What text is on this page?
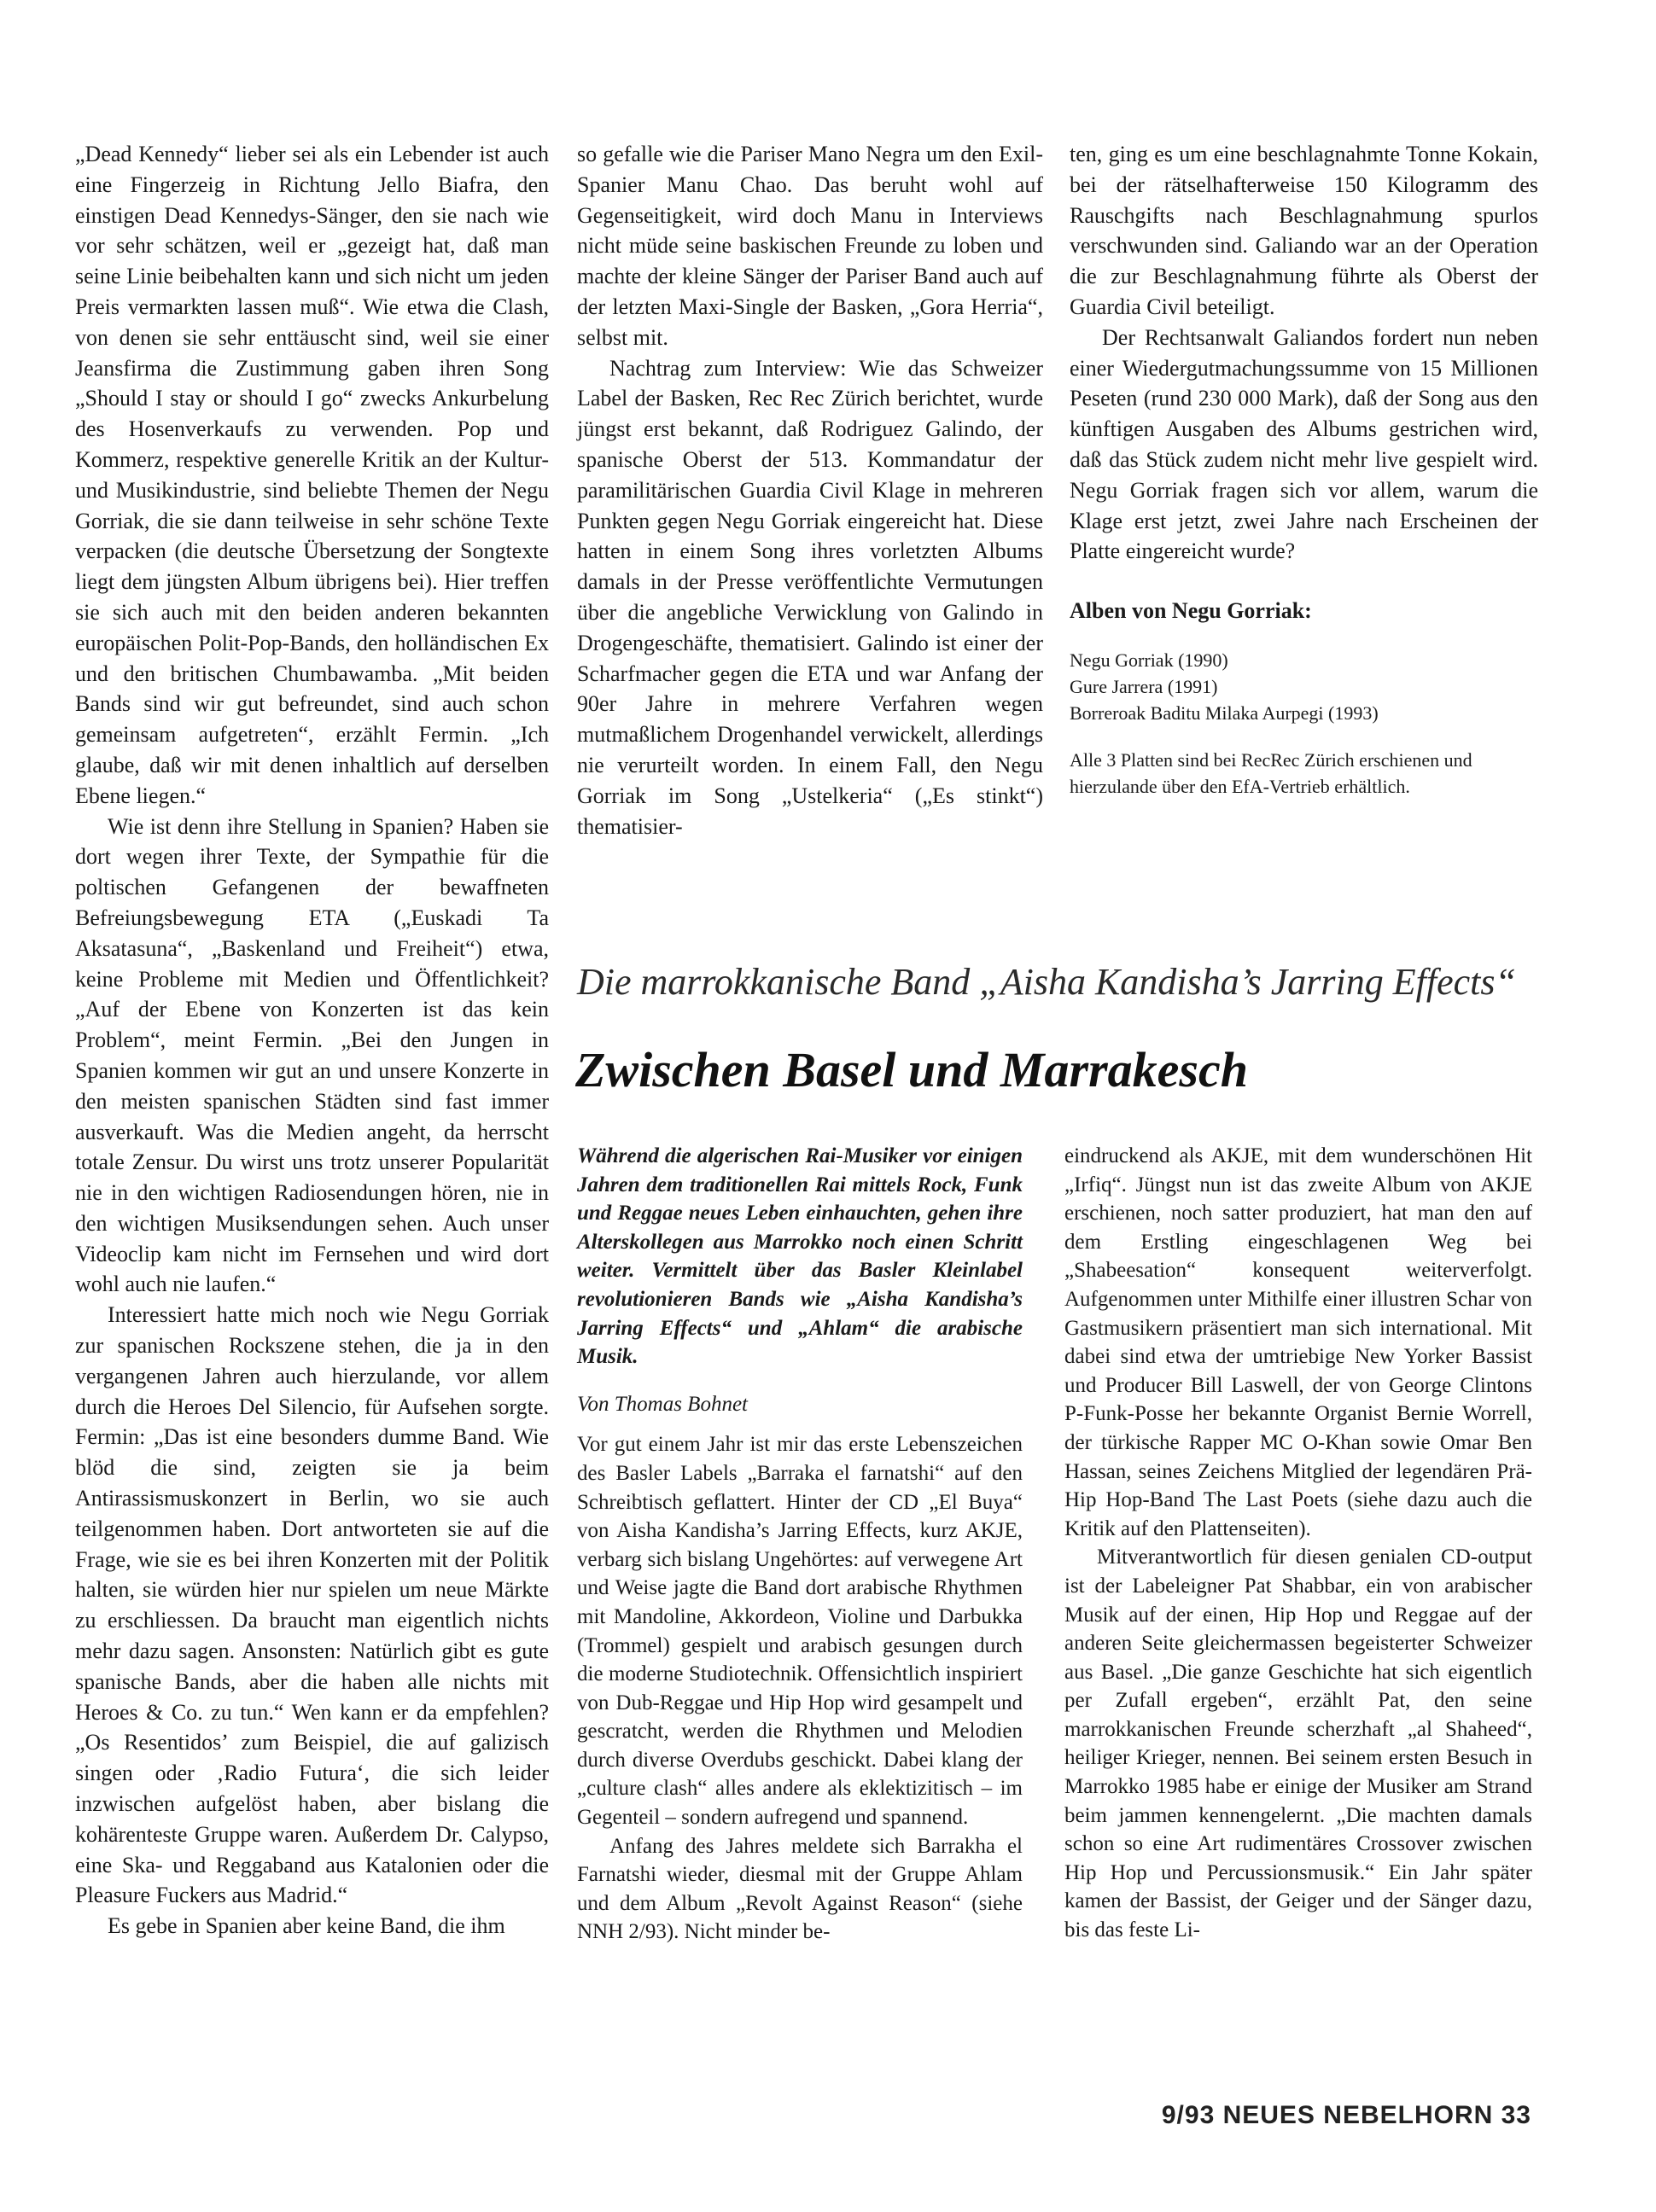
„Dead Kennedy“ lieber sei als ein Lebender ist auch eine Fingerzeig in Richtung Jello Biafra, den einstigen Dead Kennedys-Sänger, den sie nach wie vor sehr schätzen, weil er „gezeigt hat, daß man seine Linie beibehalten kann und sich nicht um jeden Preis vermarkten lassen muß“. Wie etwa die Clash, von denen sie sehr enttäuscht sind, weil sie einer Jeansfirma die Zustimmung gaben ihren Song „Should I stay or should I go“ zwecks Ankurbelung des Hosenverkaufs zu verwenden. Pop und Kommerz, respektive generelle Kritik an der Kultur- und Musikindustrie, sind beliebte Themen der Negu Gorriak, die sie dann teilweise in sehr schöne Texte verpacken (die deutsche Übersetzung der Songtexte liegt dem jüngsten Album übrigens bei). Hier treffen sie sich auch mit den beiden anderen bekannten europäischen Polit-Pop-Bands, den holländischen Ex und den britischen Chumbawamba. „Mit beiden Bands sind wir gut befreundet, sind auch schon gemeinsam aufgetreten“, erzählt Fermin. „Ich glaube, daß wir mit denen inhaltlich auf derselben Ebene liegen.“

Wie ist denn ihre Stellung in Spanien? Haben sie dort wegen ihrer Texte, der Sympathie für die poltischen Gefangenen der bewaffneten Befreiungsbewegung ETA („Euskadi Ta Aksatasuna“, „Baskenland und Freiheit“) etwa, keine Probleme mit Medien und Öffentlichkeit? „Auf der Ebene von Konzerten ist das kein Problem“, meint Fermin. „Bei den Jungen in Spanien kommen wir gut an und unsere Konzerte in den meisten spanischen Städten sind fast immer ausverkauft. Was die Medien angeht, da herrscht totale Zensur. Du wirst uns trotz unserer Popularität nie in den wichtigen Radiosendungen hören, nie in den wichtigen Musiksendungen sehen. Auch unser Videoclip kam nicht im Fernsehen und wird dort wohl auch nie laufen.“

Interessiert hatte mich noch wie Negu Gorriak zur spanischen Rockszene stehen, die ja in den vergangenen Jahren auch hierzulande, vor allem durch die Heroes Del Silencio, für Aufsehen sorgte. Fermin: „Das ist eine besonders dumme Band. Wie blöd die sind, zeigten sie ja beim Antirassismuskonzert in Berlin, wo sie auch teilgenommen haben. Dort antworteten sie auf die Frage, wie sie es bei ihren Konzerten mit der Politik halten, sie würden hier nur spielen um neue Märkte zu erschliessen. Da braucht man eigentlich nichts mehr dazu sagen. Ansonsten: Natürlich gibt es gute spanische Bands, aber die haben alle nichts mit Heroes & Co. zu tun.“ Wen kann er da empfehlen? „Os Resentidos’ zum Beispiel, die auf galizisch singen oder ‚Radio Futura‘, die sich leider inzwischen aufgelöst haben, aber bislang die kohärenteste Gruppe waren. Außerdem Dr. Calypso, eine Ska- und Reggaband aus Katalonien oder die Pleasure Fuckers aus Madrid.“

Es gebe in Spanien aber keine Band, die ihm

so gefalle wie die Pariser Mano Negra um den Exil-Spanier Manu Chao. Das beruht wohl auf Gegenseitigkeit, wird doch Manu in Interviews nicht müde seine baskischen Freunde zu loben und machte der kleine Sänger der Pariser Band auch auf der letzten Maxi-Single der Basken, „Gora Herria“, selbst mit.

Nachtrag zum Interview: Wie das Schweizer Label der Basken, Rec Rec Zürich berichtet, wurde jüngst erst bekannt, daß Rodriguez Galindo, der spanische Oberst der 513. Kommandatur der paramilitärischen Guardia Civil Klage in mehreren Punkten gegen Negu Gorriak eingereicht hat. Diese hatten in einem Song ihres vorletzten Albums damals in der Presse veröffentlichte Vermutungen über die angebliche Verwicklung von Galindo in Drogengeschäfte, thematisiert. Galindo ist einer der Scharfmacher gegen die ETA und war Anfang der 90er Jahre in mehrere Verfahren wegen mutmaßlichem Drogenhandel verwickelt, allerdings nie verurteilt worden. In einem Fall, den Negu Gorriak im Song „Ustelkeria“ („Es stinkt“) thematisier-

ten, ging es um eine beschlagnahmte Tonne Kokain, bei der rätselhafterweise 150 Kilogramm des Rauschgifts nach Beschlagnahmung spurlos verschwunden sind. Galiando war an der Operation die zur Beschlagnahmung führte als Oberst der Guardia Civil beteiligt.

Der Rechtsanwalt Galiandos fordert nun neben einer Wiedergutmachungssumme von 15 Millionen Peseten (rund 230 000 Mark), daß der Song aus den künftigen Ausgaben des Albums gestrichen wird, daß das Stück zudem nicht mehr live gespielt wird. Negu Gorriak fragen sich vor allem, warum die Klage erst jetzt, zwei Jahre nach Erscheinen der Platte eingereicht wurde?

Alben von Negu Gorriak:

Negu Gorriak (1990)
Gure Jarrera (1991)
Borreroak Baditu Milaka Aurpegi (1993)
Alle 3 Platten sind bei RecRec Zürich erschienen und hierzulande über den EfA-Vertrieb erhältlich.
Die marrokkanische Band „Aisha Kandisha’s Jarring Effects“
Zwischen Basel und Marrakesch

Während die algerischen Rai-Musiker vor einigen Jahren dem traditionellen Rai mittels Rock, Funk und Reggae neues Leben einhauchten, gehen ihre Alterskollegen aus Marrokko noch einen Schritt weiter. Vermittelt über das Basler Kleinlabel revolutionieren Bands wie „Aisha Kandisha’s Jarring Effects“ und „Ahlam“ die arabische Musik.

Von Thomas Bohnet

Vor gut einem Jahr ist mir das erste Lebenszeichen des Basler Labels „Barraka el farnatshi“ auf den Schreibtisch geflattert. Hinter der CD „El Buya“ von Aisha Kandisha’s Jarring Effects, kurz AKJE, verbarg sich bislang Ungehörtes: auf verwegene Art und Weise jagte die Band dort arabische Rhythmen mit Mandoline, Akkordeon, Violine und Darbukka (Trommel) gespielt und arabisch gesungen durch die moderne Studiotechnik. Offensichtlich inspiriert von Dub-Reggae und Hip Hop wird gesampelt und gescratcht, werden die Rhythmen und Melodien durch diverse Overdubs geschickt. Dabei klang der „culture clash“ alles andere als eklektizitisch – im Gegenteil – sondern aufregend und spannend.

Anfang des Jahres meldete sich Barrakha el Farnatshi wieder, diesmal mit der Gruppe Ahlam und dem Album „Revolt Against Reason“ (siehe NNH 2/93). Nicht minder be-

eindruckend als AKJE, mit dem wunderschönen Hit „Irfiq“. Jüngst nun ist das zweite Album von AKJE erschienen, noch satter produziert, hat man den auf dem Erstling eingeschlagenen Weg bei „Shabeesation“ konsequent weiterverfolgt. Aufgenommen unter Mithilfe einer illustren Schar von Gastmusikern präsentiert man sich international. Mit dabei sind etwa der umtriebige New Yorker Bassist und Producer Bill Laswell, der von George Clintons P-Funk-Posse her bekannte Organist Bernie Worrell, der türkische Rapper MC O-Khan sowie Omar Ben Hassan, seines Zeichens Mitglied der legendären Prä-Hip Hop-Band The Last Poets (siehe dazu auch die Kritik auf den Plattenseiten).

Mitverantwortlich für diesen genialen CD-output ist der Labeleigner Pat Shabbar, ein von arabischer Musik auf der einen, Hip Hop und Reggae auf der anderen Seite gleichermassen begeisterter Schweizer aus Basel. „Die ganze Geschichte hat sich eigentlich per Zufall ergeben“, erzählt Pat, den seine marrokkanischen Freunde scherzhaft „al Shaheed“, heiliger Krieger, nennen. Bei seinem ersten Besuch in Marrokko 1985 habe er einige der Musiker am Strand beim jammen kennengelernt. „Die machten damals schon so eine Art rudimentäres Crossover zwischen Hip Hop und Percussionsmusik.“ Ein Jahr später kamen der Bassist, der Geiger und der Sänger dazu, bis das feste Li-

9/93 NEUES NEBELHORN 33
